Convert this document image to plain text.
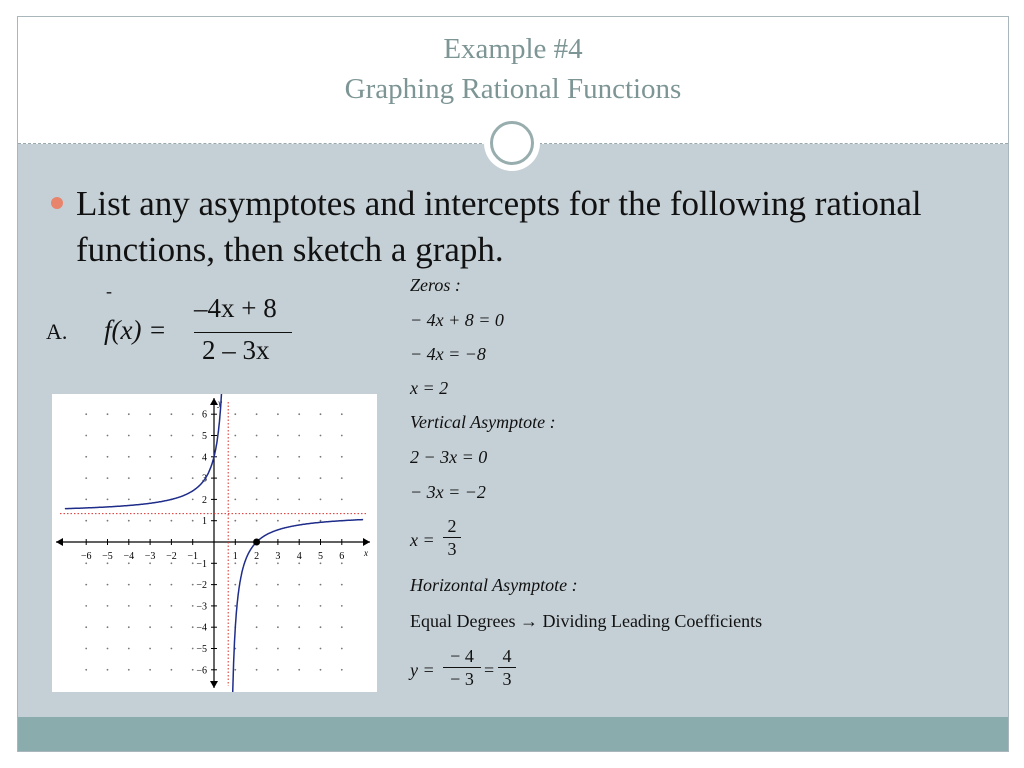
Example #4
Graphing Rational Functions
List any asymptotes and intercepts for the following rational functions, then sketch a graph.
-
A. f(x) =
–4x + 8
2 – 3x
−6 −5 −4 −3 −2 −1	1 2 3 4 5 6
1
−1
2
−2
3
−3
4
−4
5
−5
6
−6
x
y
Zeros :
− 4x + 8 = 0
− 4x = −8
x = 2
Vertical Asymptote :
2 − 3x = 0
− 3x = −2
$x = \frac{2}{3}$
Horizontal Asymptote :
Equal Degrees → Dividing Leading Coefficients
$y = \frac{- 4}{- 3} = \frac{4}{3}$
